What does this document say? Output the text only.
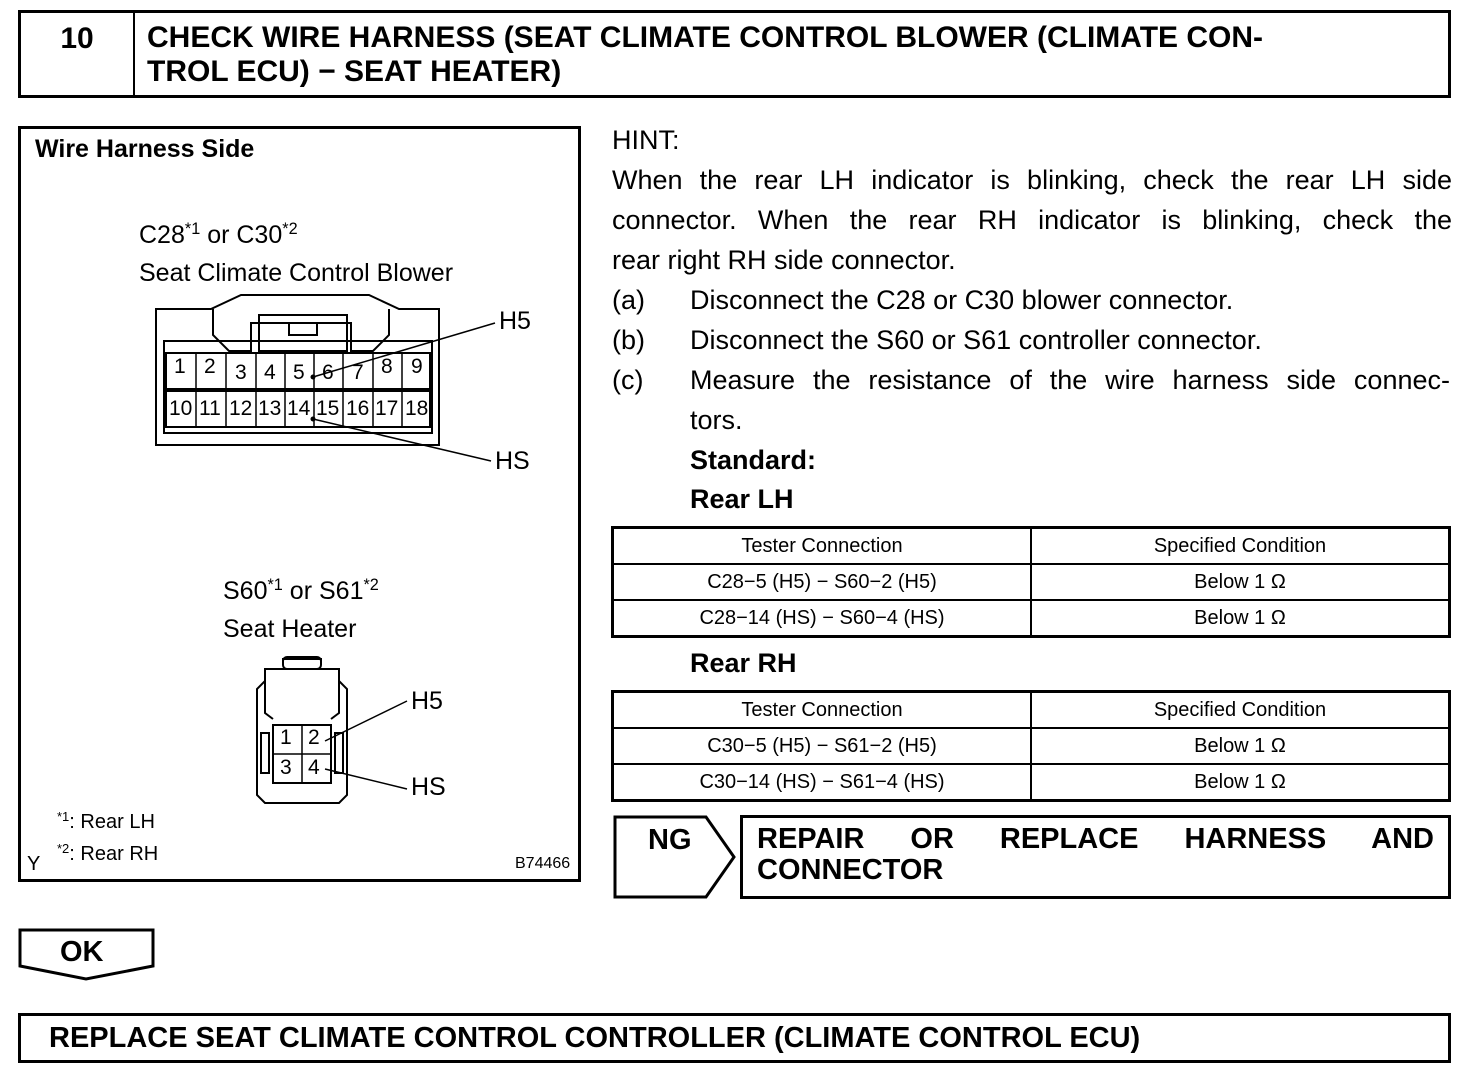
10	CHECK WIRE HARNESS (SEAT CLIMATE CONTROL BLOWER (CLIMATE CON-
TROL ECU) − SEAT HEATER)
Wire Harness Side
C28$^{*1}$ or C30$^{*2}$
Seat Climate Control Blower
1 2 3 4 5 6 7 8 9
10 11 12 13 14 15 16 17 18
H5
HS
S60$^{*1}$ or S61$^{*2}$
Seat Heater
1 2
3 4
H5
HS
$^{*1}$: Rear LH
$^{*2}$: Rear RH
Y	B74466
HINT:
When the rear LH indicator is blinking, check the rear LH side
connector. When the rear RH indicator is blinking, check the
rear right RH side connector.
(a) Disconnect the C28 or C30 blower connector.
(b) Disconnect the S60 or S61 controller connector.
(c) Measure the resistance of the wire harness side connec-
tors.
Standard:
Rear LH
Tester Connection	Specified Condition
C28−5 (H5) − S60−2 (H5)	Below 1 Ω
C28−14 (HS) − S60−4 (HS)	Below 1 Ω
Rear RH
Tester Connection	Specified Condition
C30−5 (H5) − S61−2 (H5)	Below 1 Ω
C30−14 (HS) − S61−4 (HS)	Below 1 Ω
NG REPAIR OR REPLACE HARNESS AND
CONNECTOR
OK
REPLACE SEAT CLIMATE CONTROL CONTROLLER (CLIMATE CONTROL ECU)
